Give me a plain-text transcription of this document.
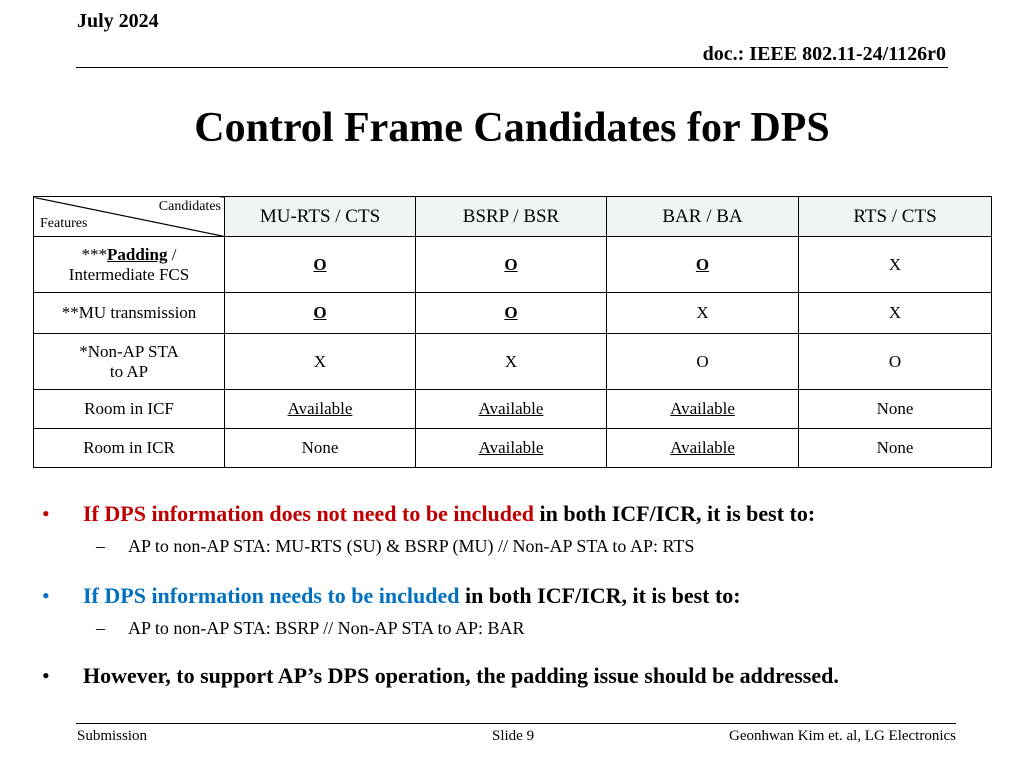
July 2024
doc.: IEEE 802.11-24/1126r0
Control Frame Candidates for DPS
Candidates
Features	MU-RTS / CTS	BSRP / BSR	BAR / BA	RTS / CTS
***Padding /
Intermediate FCS	O	O	O	X
**MU transmission	O	O	X	X
*Non-AP STA
to AP	X	X	O	O
Room in ICF	Available	Available	Available	None
Room in ICR	None	Available	Available	None
• If DPS information does not need to be included in both ICF/ICR, it is best to:
– AP to non-AP STA: MU-RTS (SU) & BSRP (MU) // Non-AP STA to AP: RTS
• If DPS information needs to be included in both ICF/ICR, it is best to:
– AP to non-AP STA: BSRP // Non-AP STA to AP: BAR
• However, to support AP’s DPS operation, the padding issue should be addressed.
Submission	Slide 9	Geonhwan Kim et. al, LG Electronics
